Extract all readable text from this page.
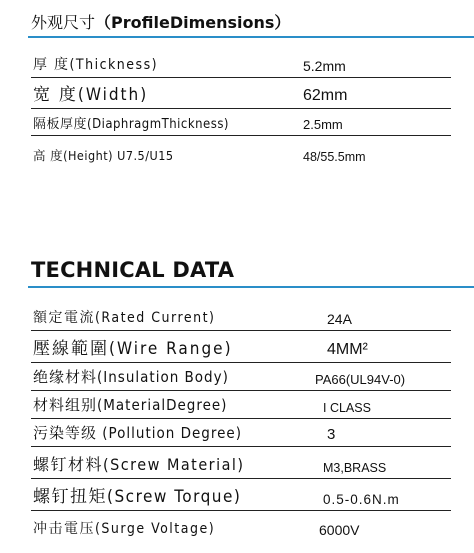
外观尺寸（ProfileDimensions）
厚 度(Thickness)	5.2mm
宽 度(Width)	62mm
隔板厚度(DiaphragmThickness)	2.5mm
高 度(Height) U7.5/U15	48/55.5mm
TECHNICAL DATA
額定電流(Rated Current)	24A
壓線範圍(Wire Range)	4MM²
绝缘材料(Insulation Body)	PA66(UL94V-0)
材料组别(MaterialDegree)	I CLASS
污染等级 (Pollution Degree)	3
螺钉材料(Screw Material)	M3,BRASS
螺钉扭矩(Screw Torque)	0.5-0.6N.m
冲击電压(Surge Voltage)	6000V
